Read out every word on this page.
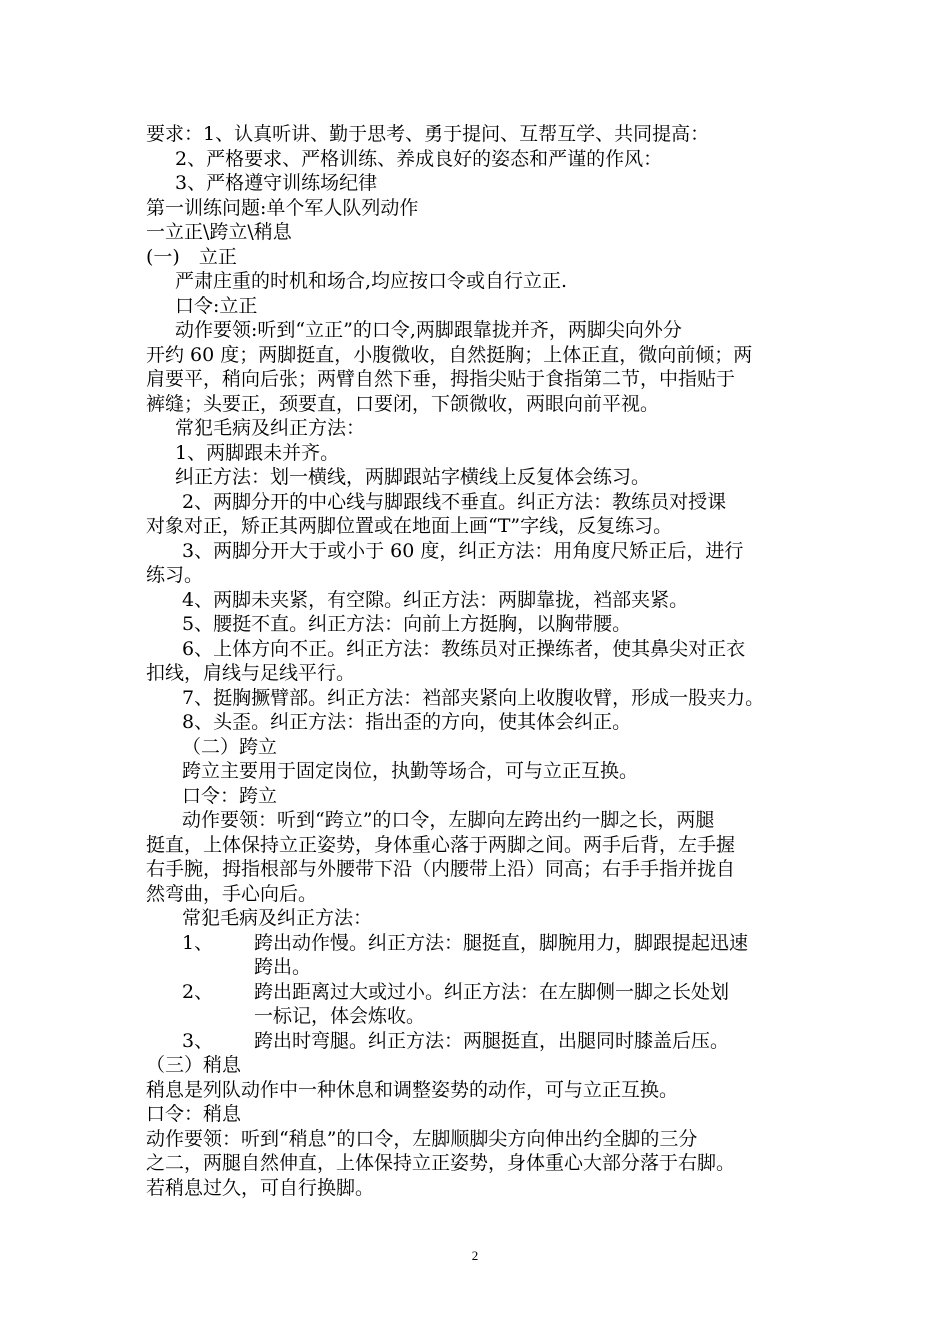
要求：1、认真听讲、勤于思考、勇于提问、互帮互学、共同提高：
2、严格要求、严格训练、养成良好的姿态和严谨的作风：
3、严格遵守训练场纪律
第一训练问题:单个军人队列动作
一立正\跨立\稍息
(一)　立正
严肃庄重的时机和场合,均应按口令或自行立正.
口令:立正
动作要领:听到“立正”的口令,两脚跟靠拢并齐，两脚尖向外分
开约 60 度；两脚挺直，小腹微收，自然挺胸；上体正直，微向前倾；两
肩要平，稍向后张；两臂自然下垂，拇指尖贴于食指第二节，中指贴于
裤缝；头要正，颈要直，口要闭，下颌微收，两眼向前平视。
常犯毛病及纠正方法：
1、两脚跟未并齐。
纠正方法：划一横线，两脚跟站字横线上反复体会练习。
2、两脚分开的中心线与脚跟线不垂直。纠正方法：教练员对授课
对象对正，矫正其两脚位置或在地面上画“T”字线，反复练习。
3、两脚分开大于或小于 60 度，纠正方法：用角度尺矫正后，进行
练习。
4、两脚未夹紧，有空隙。纠正方法：两脚靠拢，裆部夹紧。
5、腰挺不直。纠正方法：向前上方挺胸，以胸带腰。
6、上体方向不正。纠正方法：教练员对正操练者，使其鼻尖对正衣
扣线，肩线与足线平行。
7、挺胸撅臂部。纠正方法：裆部夹紧向上收腹收臂，形成一股夹力。
8、头歪。纠正方法：指出歪的方向，使其体会纠正。
（二）跨立
跨立主要用于固定岗位，执勤等场合，可与立正互换。
口令：跨立
动作要领：听到“跨立”的口令，左脚向左跨出约一脚之长，两腿
挺直，上体保持立正姿势，身体重心落于两脚之间。两手后背，左手握
右手腕，拇指根部与外腰带下沿（内腰带上沿）同高；右手手指并拢自
然弯曲，手心向后。
常犯毛病及纠正方法：
1、 跨出动作慢。纠正方法：腿挺直，脚腕用力，脚跟提起迅速
跨出。
2、 跨出距离过大或过小。纠正方法：在左脚侧一脚之长处划
一标记，体会炼收。
3、 跨出时弯腿。纠正方法：两腿挺直，出腿同时膝盖后压。
（三）稍息
稍息是列队动作中一种休息和调整姿势的动作，可与立正互换。
口令：稍息
动作要领：听到“稍息”的口令，左脚顺脚尖方向伸出约全脚的三分
之二，两腿自然伸直，上体保持立正姿势，身体重心大部分落于右脚。
若稍息过久，可自行换脚。
2
